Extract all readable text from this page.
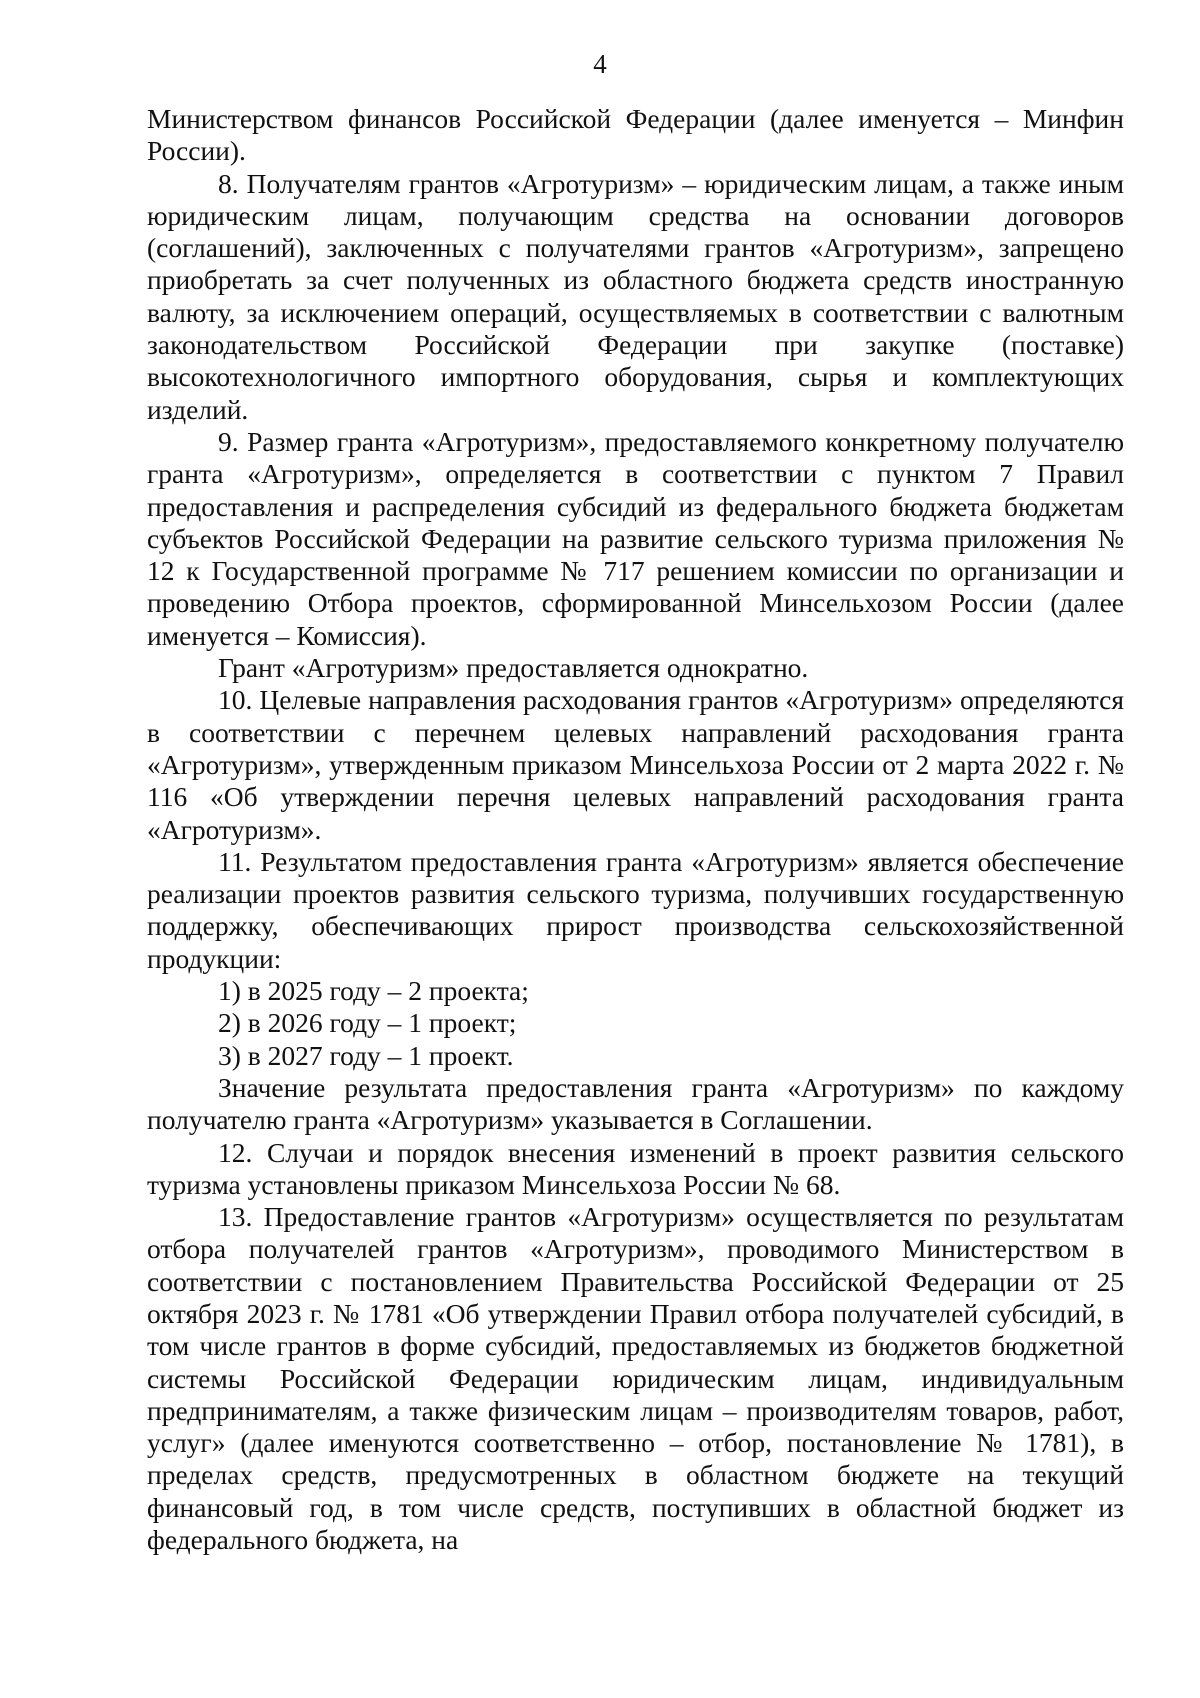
4

Министерством финансов Российской Федерации (далее именуется – Минфин России).

8. Получателям грантов «Агротуризм» – юридическим лицам, а также иным юридическим лицам, получающим средства на основании договоров (соглашений), заключенных с получателями грантов «Агротуризм», запрещено приобретать за счет полученных из областного бюджета средств иностранную валюту, за исключением операций, осуществляемых в соответствии с валютным законодательством Российской Федерации при закупке (поставке) высокотехнологичного импортного оборудования, сырья и комплектующих изделий.

9. Размер гранта «Агротуризм», предоставляемого конкретному получателю гранта «Агротуризм», определяется в соответствии с пунктом 7 Правил предоставления и распределения субсидий из федерального бюджета бюджетам субъектов Российской Федерации на развитие сельского туризма приложения № 12 к Государственной программе № 717 решением комиссии по организации и проведению Отбора проектов, сформированной Минсельхозом России (далее именуется – Комиссия).

Грант «Агротуризм» предоставляется однократно.

10. Целевые направления расходования грантов «Агротуризм» определяются в соответствии с перечнем целевых направлений расходования гранта «Агротуризм», утвержденным приказом Минсельхоза России от 2 марта 2022 г. № 116 «Об утверждении перечня целевых направлений расходования гранта «Агротуризм».

11. Результатом предоставления гранта «Агротуризм» является обеспечение реализации проектов развития сельского туризма, получивших государственную поддержку, обеспечивающих прирост производства сельскохозяйственной продукции:

1) в 2025 году – 2 проекта;

2) в 2026 году – 1 проект;

3) в 2027 году – 1 проект.

Значение результата предоставления гранта «Агротуризм» по каждому получателю гранта «Агротуризм» указывается в Соглашении.

12. Случаи и порядок внесения изменений в проект развития сельского туризма установлены приказом Минсельхоза России № 68.

13. Предоставление грантов «Агротуризм» осуществляется по результатам отбора получателей грантов «Агротуризм», проводимого Министерством в соответствии с постановлением Правительства Российской Федерации от 25 октября 2023 г. № 1781 «Об утверждении Правил отбора получателей субсидий, в том числе грантов в форме субсидий, предоставляемых из бюджетов бюджетной системы Российской Федерации юридическим лицам, индивидуальным предпринимателям, а также физическим лицам – производителям товаров, работ, услуг» (далее именуются соответственно – отбор, постановление № 1781), в пределах средств, предусмотренных в областном бюджете на текущий финансовый год, в том числе средств, поступивших в областной бюджет из федерального бюджета, на
